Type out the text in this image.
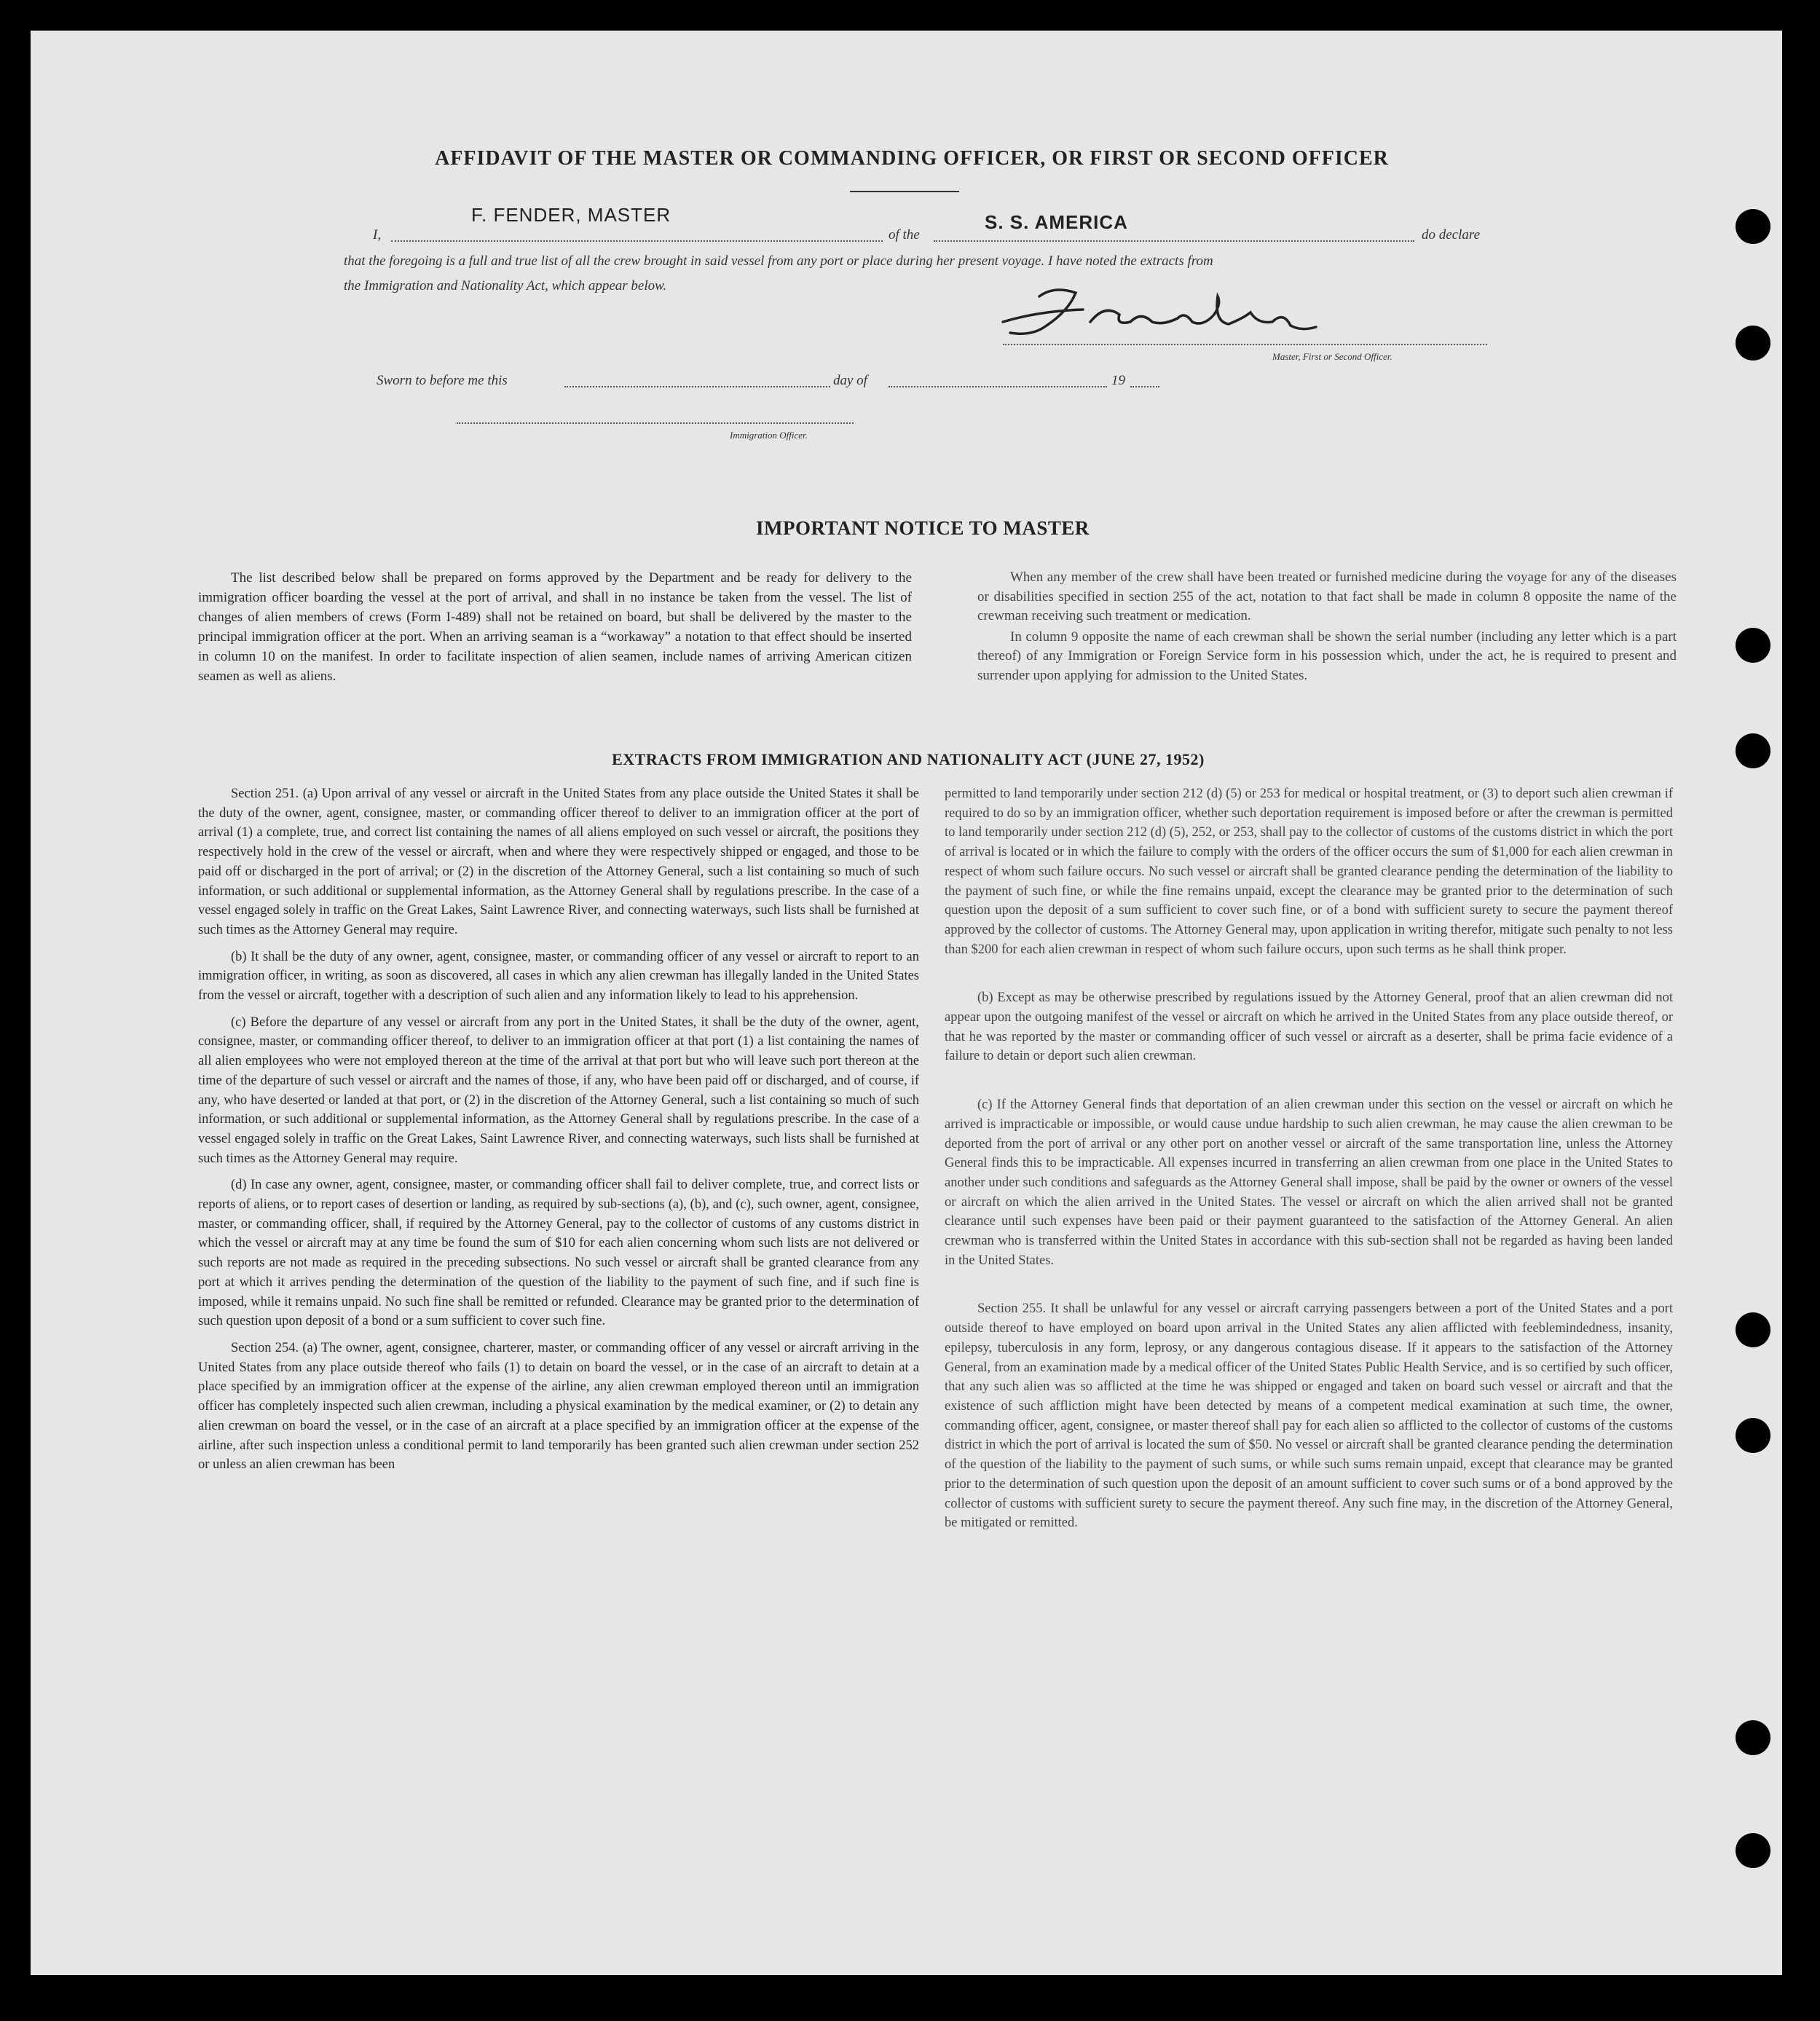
AFFIDAVIT OF THE MASTER OR COMMANDING OFFICER, OR FIRST OR SECOND OFFICER
F. FENDER, MASTER	S. S. AMERICA
I,	of the	do declare
that the foregoing is a full and true list of all the crew brought in said vessel from any port or place during her present voyage. I have noted the extracts from
the Immigration and Nationality Act, which appear below.
Master, First or Second Officer.
Sworn to before me this	day of	19
Immigration Officer.
IMPORTANT NOTICE TO MASTER

The list described below shall be prepared on forms approved by the Department and be ready for delivery to the immigration officer boarding the vessel at the port of arrival, and shall in no instance be taken from the vessel. The list of changes of alien members of crews (Form I-489) shall not be retained on board, but shall be delivered by the master to the principal immigration officer at the port. When an arriving seaman is a “workaway” a notation to that effect should be inserted in column 10 on the manifest. In order to facilitate inspection of alien seamen, include names of arriving American citizen seamen as well as aliens.

When any member of the crew shall have been treated or furnished medicine during the voyage for any of the diseases or disabilities specified in section 255 of the act, notation to that fact shall be made in column 8 opposite the name of the crewman receiving such treatment or medication.

In column 9 opposite the name of each crewman shall be shown the serial number (including any letter which is a part thereof) of any Immigration or Foreign Service form in his possession which, under the act, he is required to present and surrender upon applying for admission to the United States.

EXTRACTS FROM IMMIGRATION AND NATIONALITY ACT (JUNE 27, 1952)

Section 251. (a) Upon arrival of any vessel or aircraft in the United States from any place outside the United States it shall be the duty of the owner, agent, consignee, master, or commanding officer thereof to deliver to an immigration officer at the port of arrival (1) a complete, true, and correct list containing the names of all aliens employed on such vessel or aircraft, the positions they respectively hold in the crew of the vessel or aircraft, when and where they were respectively shipped or engaged, and those to be paid off or discharged in the port of arrival; or (2) in the discretion of the Attorney General, such a list containing so much of such information, or such additional or supplemental information, as the Attorney General shall by regulations prescribe. In the case of a vessel engaged solely in traffic on the Great Lakes, Saint Lawrence River, and connecting waterways, such lists shall be furnished at such times as the Attorney General may require.

(b) It shall be the duty of any owner, agent, consignee, master, or commanding officer of any vessel or aircraft to report to an immigration officer, in writing, as soon as discovered, all cases in which any alien crewman has illegally landed in the United States from the vessel or aircraft, together with a description of such alien and any information likely to lead to his apprehension.

(c) Before the departure of any vessel or aircraft from any port in the United States, it shall be the duty of the owner, agent, consignee, master, or commanding officer thereof, to deliver to an immigration officer at that port (1) a list containing the names of all alien employees who were not employed thereon at the time of the arrival at that port but who will leave such port thereon at the time of the departure of such vessel or aircraft and the names of those, if any, who have been paid off or discharged, and of course, if any, who have deserted or landed at that port, or (2) in the discretion of the Attorney General, such a list containing so much of such information, or such additional or supplemental information, as the Attorney General shall by regulations prescribe. In the case of a vessel engaged solely in traffic on the Great Lakes, Saint Lawrence River, and connecting waterways, such lists shall be furnished at such times as the Attorney General may require.

(d) In case any owner, agent, consignee, master, or commanding officer shall fail to deliver complete, true, and correct lists or reports of aliens, or to report cases of desertion or landing, as required by sub-sections (a), (b), and (c), such owner, agent, consignee, master, or commanding officer, shall, if required by the Attorney General, pay to the collector of customs of any customs district in which the vessel or aircraft may at any time be found the sum of $10 for each alien concerning whom such lists are not delivered or such reports are not made as required in the preceding subsections. No such vessel or aircraft shall be granted clearance from any port at which it arrives pending the determination of the question of the liability to the payment of such fine, and if such fine is imposed, while it remains unpaid. No such fine shall be remitted or refunded. Clearance may be granted prior to the determination of such question upon deposit of a bond or a sum sufficient to cover such fine.

Section 254. (a) The owner, agent, consignee, charterer, master, or commanding officer of any vessel or aircraft arriving in the United States from any place outside thereof who fails (1) to detain on board the vessel, or in the case of an aircraft to detain at a place specified by an immigration officer at the expense of the airline, any alien crewman employed thereon until an immigration officer has completely inspected such alien crewman, including a physical examination by the medical examiner, or (2) to detain any alien crewman on board the vessel, or in the case of an aircraft at a place specified by an immigration officer at the expense of the airline, after such inspection unless a conditional permit to land temporarily has been granted such alien crewman under section 252 or unless an alien crewman has been

permitted to land temporarily under section 212 (d) (5) or 253 for medical or hospital treatment, or (3) to deport such alien crewman if required to do so by an immigration officer, whether such deportation requirement is imposed before or after the crewman is permitted to land temporarily under section 212 (d) (5), 252, or 253, shall pay to the collector of customs of the customs district in which the port of arrival is located or in which the failure to comply with the orders of the officer occurs the sum of $1,000 for each alien crewman in respect of whom such failure occurs. No such vessel or aircraft shall be granted clearance pending the determination of the liability to the payment of such fine, or while the fine remains unpaid, except the clearance may be granted prior to the determination of such question upon the deposit of a sum sufficient to cover such fine, or of a bond with sufficient surety to secure the payment thereof approved by the collector of customs. The Attorney General may, upon application in writing therefor, mitigate such penalty to not less than $200 for each alien crewman in respect of whom such failure occurs, upon such terms as he shall think proper.

(b) Except as may be otherwise prescribed by regulations issued by the Attorney General, proof that an alien crewman did not appear upon the outgoing manifest of the vessel or aircraft on which he arrived in the United States from any place outside thereof, or that he was reported by the master or commanding officer of such vessel or aircraft as a deserter, shall be prima facie evidence of a failure to detain or deport such alien crewman.

(c) If the Attorney General finds that deportation of an alien crewman under this section on the vessel or aircraft on which he arrived is impracticable or impossible, or would cause undue hardship to such alien crewman, he may cause the alien crewman to be deported from the port of arrival or any other port on another vessel or aircraft of the same transportation line, unless the Attorney General finds this to be impracticable. All expenses incurred in transferring an alien crewman from one place in the United States to another under such conditions and safeguards as the Attorney General shall impose, shall be paid by the owner or owners of the vessel or aircraft on which the alien arrived in the United States. The vessel or aircraft on which the alien arrived shall not be granted clearance until such expenses have been paid or their payment guaranteed to the satisfaction of the Attorney General. An alien crewman who is transferred within the United States in accordance with this sub-section shall not be regarded as having been landed in the United States.

Section 255. It shall be unlawful for any vessel or aircraft carrying passengers between a port of the United States and a port outside thereof to have employed on board upon arrival in the United States any alien afflicted with feeblemindedness, insanity, epilepsy, tuberculosis in any form, leprosy, or any dangerous contagious disease. If it appears to the satisfaction of the Attorney General, from an examination made by a medical officer of the United States Public Health Service, and is so certified by such officer, that any such alien was so afflicted at the time he was shipped or engaged and taken on board such vessel or aircraft and that the existence of such affliction might have been detected by means of a competent medical examination at such time, the owner, commanding officer, agent, consignee, or master thereof shall pay for each alien so afflicted to the collector of customs of the customs district in which the port of arrival is located the sum of $50. No vessel or aircraft shall be granted clearance pending the determination of the question of the liability to the payment of such sums, or while such sums remain unpaid, except that clearance may be granted prior to the determination of such question upon the deposit of an amount sufficient to cover such sums or of a bond approved by the collector of customs with sufficient surety to secure the payment thereof. Any such fine may, in the discretion of the Attorney General, be mitigated or remitted.
